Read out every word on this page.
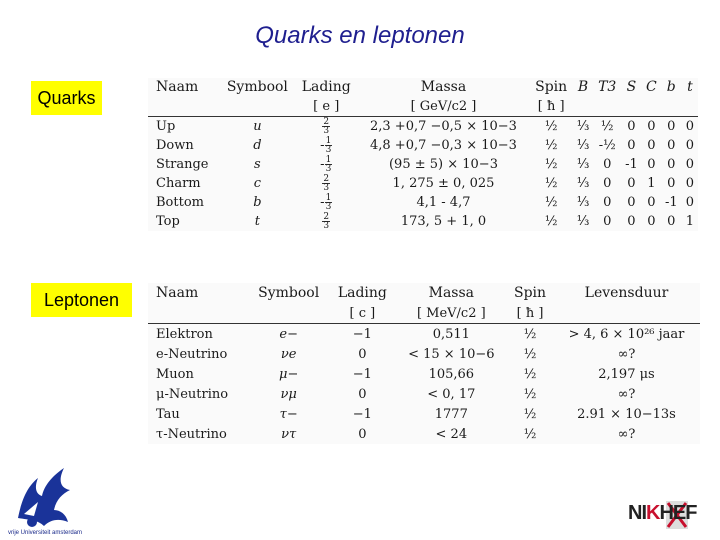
Quarks en leptonen
Quarks
Leptonen
Naam	Symbool	Lading	Massa	Spin	B	T3	S	C	b	t
		[ e ]	[ GeV/c2 ]	[ ħ ]						
Up	u	$\frac{2}{3}$	2,3 +0,7 −0,5 × 10−3	½	⅓	½	0	0	0	0
Down	d	- $\frac{1}{3}$	4,8 +0,7 −0,3 × 10−3	½	⅓	-½	0	0	0	0
Strange	s	- $\frac{1}{3}$	(95 ± 5) × 10−3	½	⅓	0	-1	0	0	0
Charm	c	$\frac{2}{3}$	1, 275 ± 0, 025	½	⅓	0	0	1	0	0
Bottom	b	- $\frac{1}{3}$	4,1 - 4,7	½	⅓	0	0	0	-1	0
Top	t	$\frac{2}{3}$	173, 5 + 1, 0	½	⅓	0	0	0	0	1
Naam	Symbool	Lading	Massa	Spin	Levensduur
		[ c ]	[ MeV/c2 ]	[ ħ ]	
Elektron	e−	−1	0,511	½	> 4, 6 × 10²⁶ jaar
e-Neutrino	νe	0	< 15 × 10−6	½	∞?
Muon	μ−	−1	105,66	½	2,197 μs
μ-Neutrino	νμ	0	< 0, 17	½	∞?
Tau	τ−	−1	1777	½	2.91 × 10−13s
τ-Neutrino	ντ	0	< 24	½	∞?
vrije Universiteit amsterdam
NIKHEF
